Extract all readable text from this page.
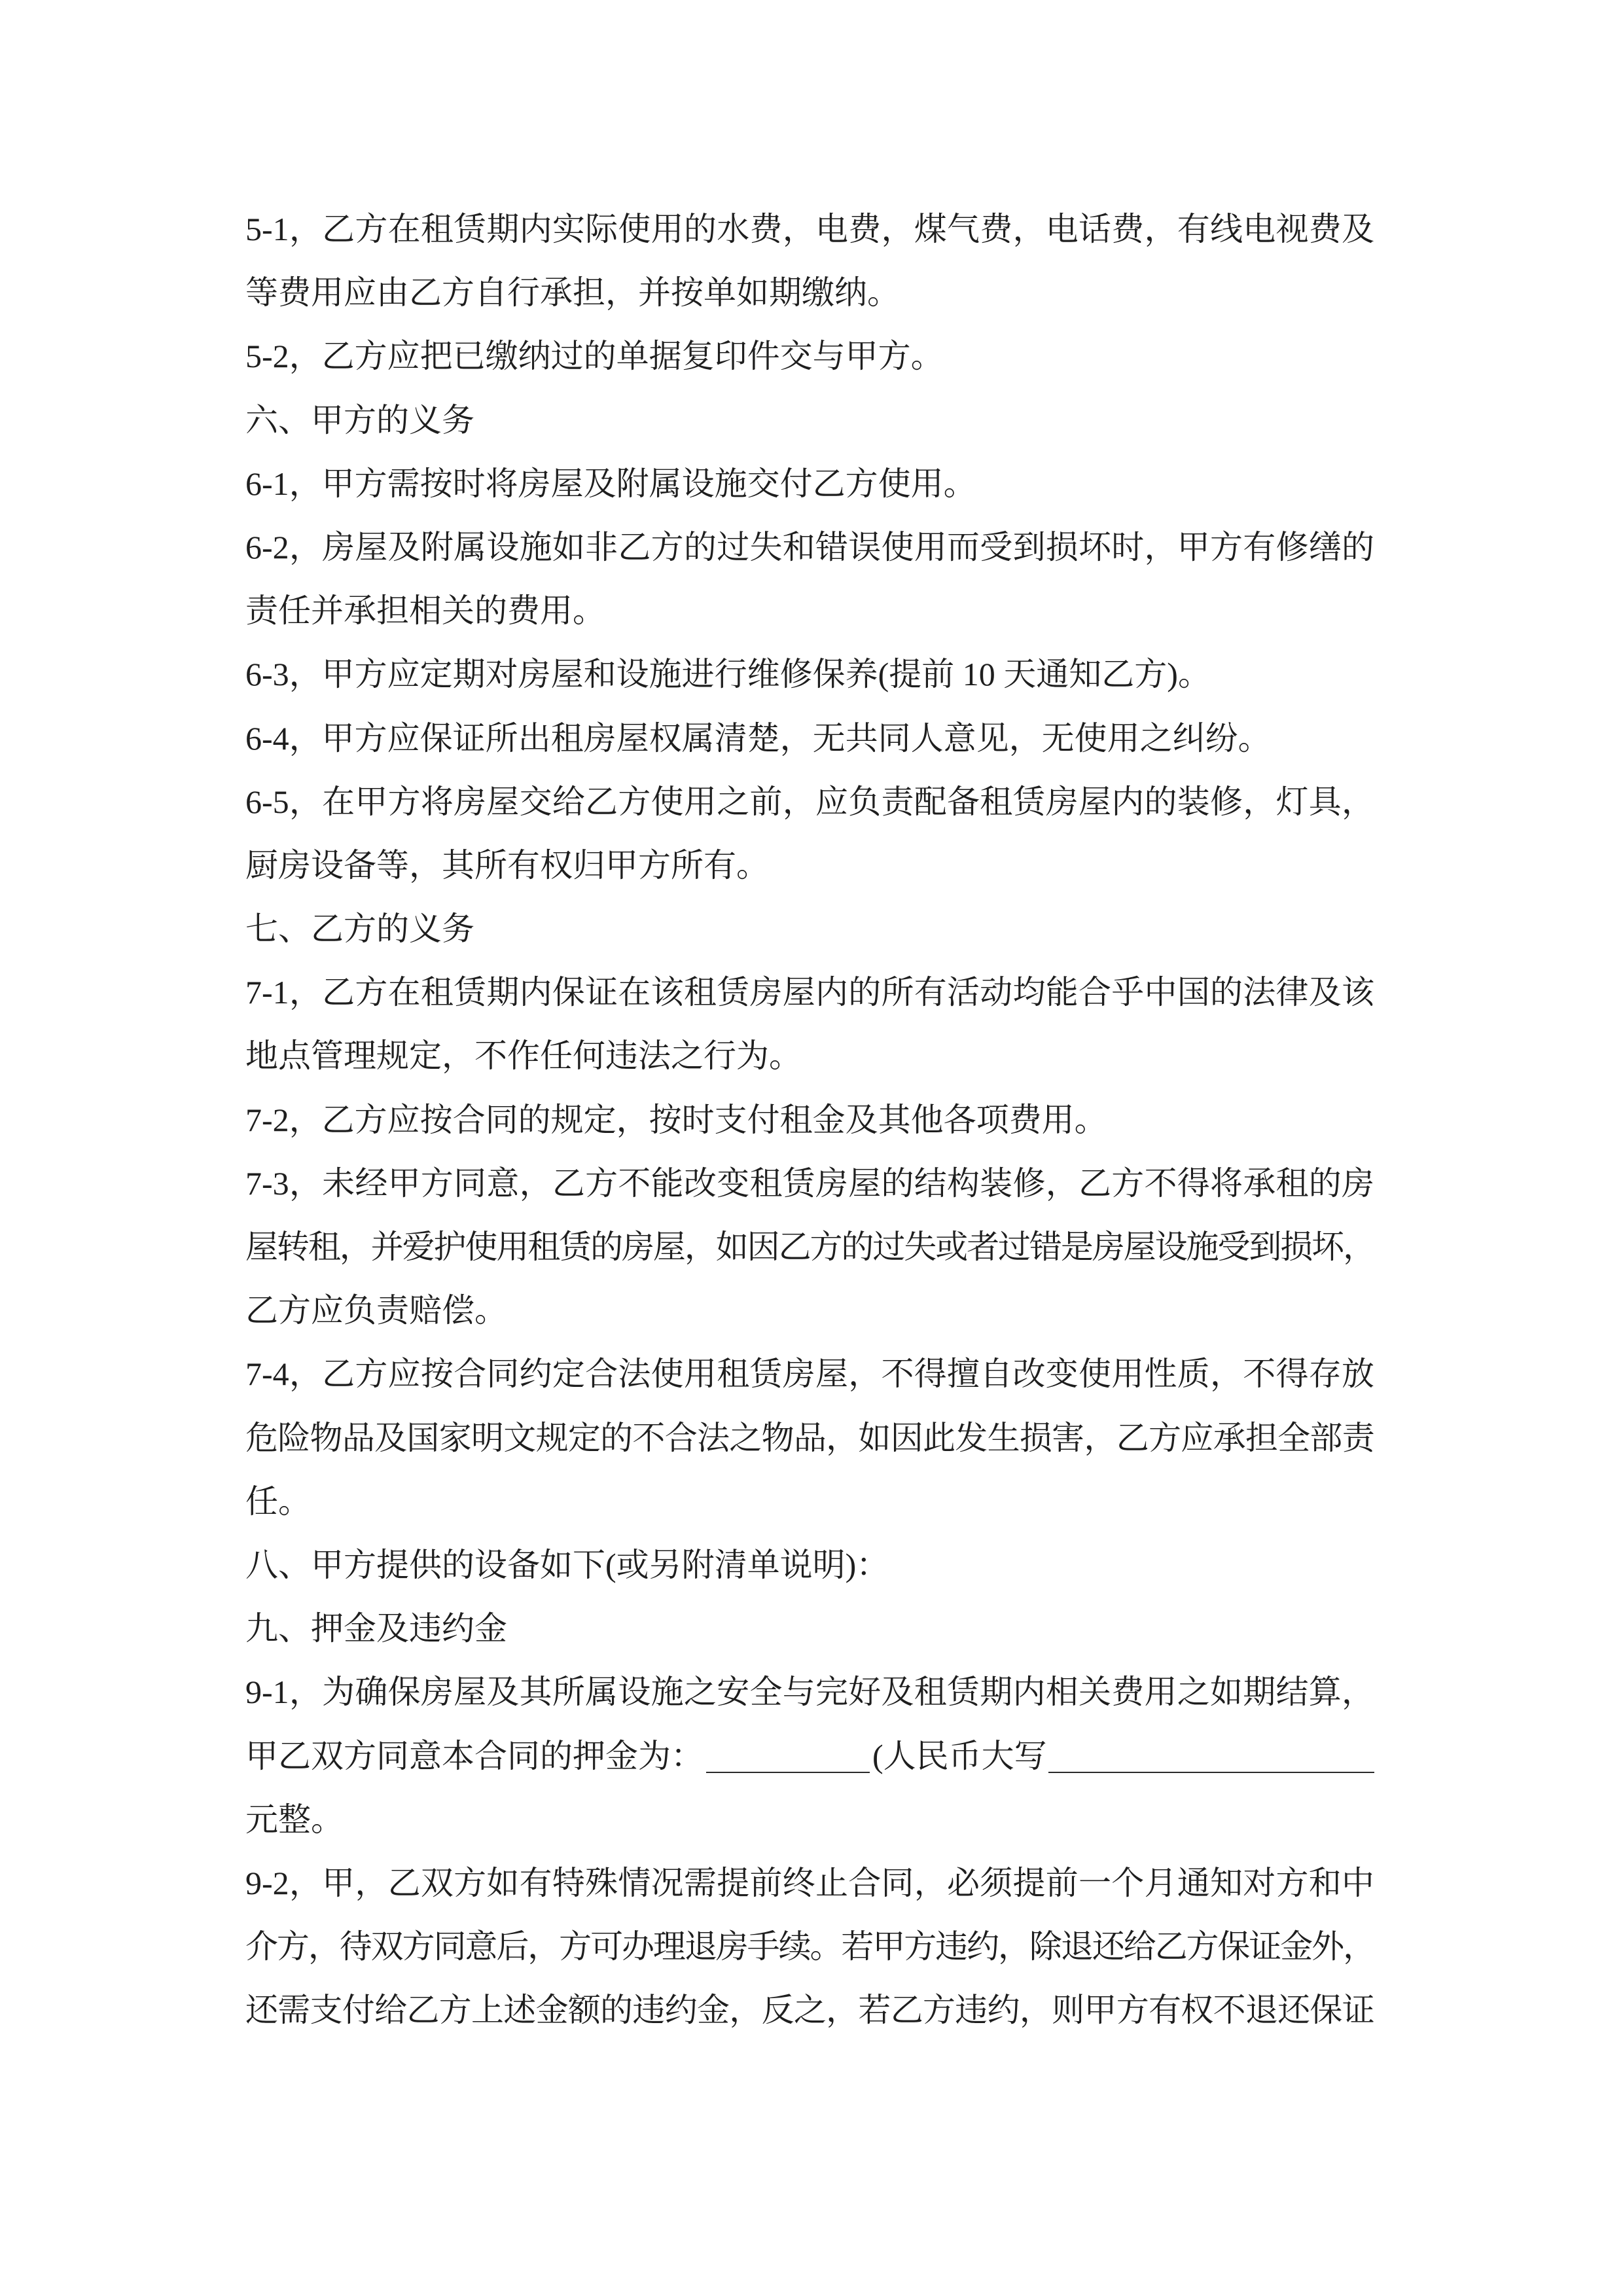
5-1，乙方在租赁期内实际使用的水费，电费，煤气费，电话费，有线电视费及
等费用应由乙方自行承担，并按单如期缴纳。
5-2，乙方应把已缴纳过的单据复印件交与甲方。
六、甲方的义务
6-1，甲方需按时将房屋及附属设施交付乙方使用。
6-2，房屋及附属设施如非乙方的过失和错误使用而受到损坏时，甲方有修缮的
责任并承担相关的费用。
6-3，甲方应定期对房屋和设施进行维修保养(提前 10 天通知乙方)。
6-4，甲方应保证所出租房屋权属清楚，无共同人意见，无使用之纠纷。
6-5，在甲方将房屋交给乙方使用之前，应负责配备租赁房屋内的装修，灯具，
厨房设备等，其所有权归甲方所有。
七、乙方的义务
7-1，乙方在租赁期内保证在该租赁房屋内的所有活动均能合乎中国的法律及该
地点管理规定，不作任何违法之行为。
7-2，乙方应按合同的规定，按时支付租金及其他各项费用。
7-3，未经甲方同意，乙方不能改变租赁房屋的结构装修，乙方不得将承租的房
屋转租，并爱护使用租赁的房屋，如因乙方的过失或者过错是房屋设施受到损坏，
乙方应负责赔偿。
7-4，乙方应按合同约定合法使用租赁房屋，不得擅自改变使用性质，不得存放
危险物品及国家明文规定的不合法之物品，如因此发生损害，乙方应承担全部责
任。
八、甲方提供的设备如下(或另附清单说明)：
九、押金及违约金
9-1，为确保房屋及其所属设施之安全与完好及租赁期内相关费用之如期结算，
甲乙双方同意本合同的押金为：	(人民币大写
元整。
9-2，甲，乙双方如有特殊情况需提前终止合同，必须提前一个月通知对方和中
介方，待双方同意后，方可办理退房手续。若甲方违约，除退还给乙方保证金外，
还需支付给乙方上述金额的违约金，反之，若乙方违约，则甲方有权不退还保证
